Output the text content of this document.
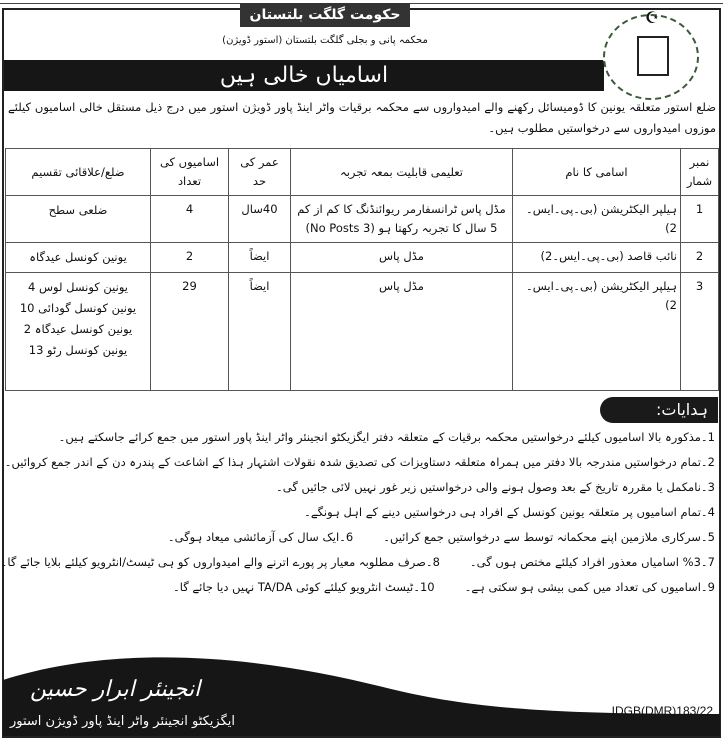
حکومت گلگت بلتستان
محکمہ پانی و بجلی گلگت بلتستان (استور ڈویژن)
اسامیاں خالی ہیں
☪
ضلع استور متعلقہ یونین کا ڈومیسائل رکھنے والے امیدواروں سے محکمہ برقیات واٹر اینڈ پاور ڈویژن استور میں درج ذیل مستقل خالی اسامیوں کیلئے موزوں امیدواروں سے درخواستیں مطلوب ہیں۔
نمبر شمار	اسامی کا نام	تعلیمی قابلیت بمعہ تجربہ	عمر کی حد	اسامیوں کی تعداد	ضلع/علاقائی تقسیم
1	ہیلپر الیکٹریشن (بی۔پی۔ایس۔2)	مڈل پاس ٹرانسفارمر ریوائنڈنگ کا کم از کم 5 سال کا تجربہ رکھتا ہو (3 No Posts)	40سال	4	ضلعی سطح
2	نائب قاصد (بی۔پی۔ایس۔2)	مڈل پاس	ایضاً	2	یونین کونسل عیدگاہ
3	ہیلپر الیکٹریشن (بی۔پی۔ایس۔2)	مڈل پاس	ایضاً	29	یونین کونسل لوس 4
یونین کونسل گودائی 10
یونین کونسل عیدگاہ 2
یونین کونسل رٹو 13
ہدایات:
1۔مذکورہ بالا اسامیوں کیلئے درخواستیں محکمہ برقیات کے متعلقہ دفتر ایگزیکٹو انجینئر واٹر اینڈ پاور استور میں جمع کرائے جاسکتے ہیں۔
2۔تمام درخواستیں مندرجہ بالا دفتر میں ہمراہ متعلقہ دستاویزات کی تصدیق شدہ نقولات اشتہار ہذا کے اشاعت کے پندرہ دن کے اندر جمع کروائیں۔
3۔نامکمل یا مقررہ تاریخ کے بعد وصول ہونے والی درخواستیں زیر غور نہیں لائی جائیں گی۔
4۔تمام اسامیوں پر متعلقہ یونین کونسل کے افراد ہی درخواستیں دینے کے اہل ہونگے۔
5۔سرکاری ملازمین اپنے محکمانہ توسط سے درخواستیں جمع کرائیں۔6۔ایک سال کی آزمائشی میعاد ہوگی۔
7۔3% اسامیاں معذور افراد کیلئے مختص ہوں گی۔8۔صرف مطلوبہ معیار پر پورے اترنے والے امیدواروں کو ہی ٹیسٹ/انٹرویو کیلئے بلایا جائے گا۔
9۔اسامیوں کی تعداد میں کمی بیشی ہو سکتی ہے۔10۔ٹیسٹ انٹرویو کیلئے کوئی TA/DA نہیں دیا جائے گا۔
انجینئر ابرار حسین
ایگزیکٹو انجینئر واٹر اینڈ پاور ڈویژن استور
IDGB(DMR)183/22
